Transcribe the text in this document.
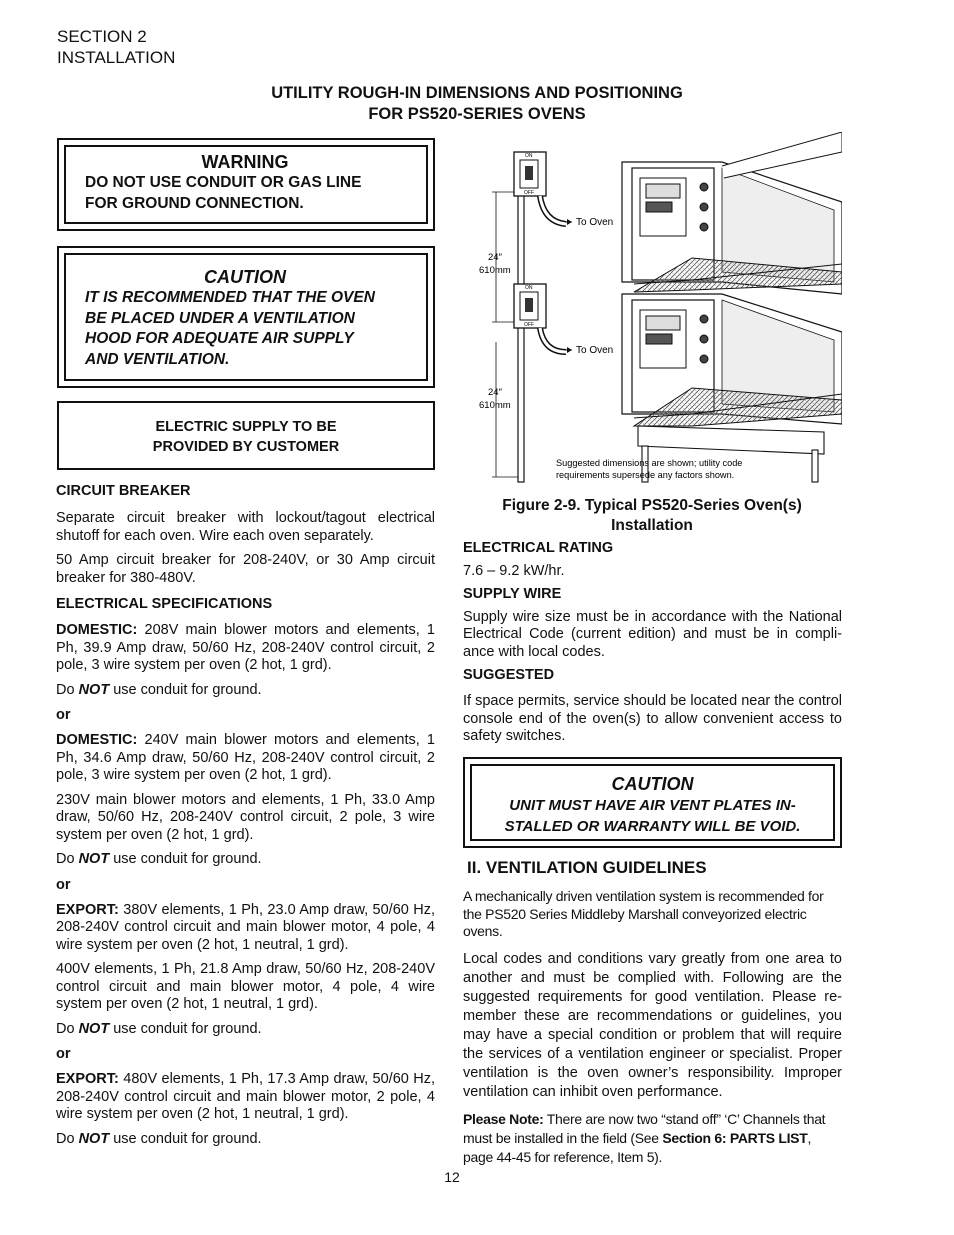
SECTION 2
INSTALLATION
UTILITY ROUGH-IN DIMENSIONS AND POSITIONING
FOR PS520-SERIES OVENS
WARNING
DO NOT USE CONDUIT OR GAS LINE
FOR GROUND CONNECTION.
CAUTION
IT IS RECOMMENDED THAT THE OVEN
BE PLACED UNDER A VENTILATION
HOOD FOR ADEQUATE AIR SUPPLY
AND VENTILATION.
ELECTRIC SUPPLY TO BE
PROVIDED BY CUSTOMER
CIRCUIT BREAKER

Separate circuit breaker with lockout/tagout electrical shutoff for each oven. Wire each oven separately.

50 Amp circuit breaker for 208-240V, or 30 Amp circuit breaker for 380-480V.

ELECTRICAL SPECIFICATIONS

DOMESTIC: 208V main blower motors and elements, 1 Ph, 39.9 Amp draw, 50/60 Hz, 208-240V control circuit, 2 pole, 3 wire system per oven (2 hot, 1 grd).

Do NOT use conduit for ground.

or

DOMESTIC: 240V main blower motors and elements, 1 Ph, 34.6 Amp draw, 50/60 Hz, 208-240V control circuit, 2 pole, 3 wire system per oven (2 hot, 1 grd).

230V main blower motors and elements, 1 Ph, 33.0 Amp draw, 50/60 Hz, 208-240V control circuit, 2 pole, 3 wire system per oven (2 hot, 1 grd).

Do NOT use conduit for ground.

or

EXPORT: 380V elements, 1 Ph, 23.0 Amp draw, 50/60 Hz, 208-240V control circuit and main blower motor, 4 pole, 4 wire system per oven (2 hot, 1 neutral, 1 grd).

400V elements, 1 Ph, 21.8 Amp draw, 50/60 Hz, 208-240V control circuit and main blower motor, 4 pole, 4 wire system per oven (2 hot, 1 neutral, 1 grd).

Do NOT use conduit for ground.

or

EXPORT: 480V elements, 1 Ph, 17.3 Amp draw, 50/60 Hz, 208-240V control circuit and main blower motor, 2 pole, 4 wire system per oven (2 hot, 1 neutral, 1 grd).

Do NOT use conduit for ground.

ON
OFF
To Oven
ON
OFF
To Oven
24″
610mm
24″
610mm
Suggested dimensions are shown; utility code
requirements supersede any factors shown.
Figure 2-9. Typical PS520-Series Oven(s)
Installation
ELECTRICAL RATING

7.6 – 9.2 kW/hr.

SUPPLY WIRE

Supply wire size must be in accordance with the National Electrical Code (current edition) and must be in compli-ance with local codes.

SUGGESTED

If space permits, service should be located near the control console end of the oven(s) to allow convenient access to safety switches.

CAUTION
UNIT MUST HAVE AIR VENT PLATES IN-
STALLED OR WARRANTY WILL BE VOID.
II. VENTILATION GUIDELINES

A mechanically driven ventilation system is recommended for the PS520 Series Middleby Marshall conveyorized electric ovens.

Local codes and conditions vary greatly from one area to another and must be complied with. Following are the suggested requirements for good ventilation. Please re-member these are recommendations or guidelines, you may have a special condition or problem that will require the services of a ventilation engineer or specialist. Proper ventilation is the oven owner’s responsibility. Improper ventilation can inhibit oven performance.

Please Note: There are now two “stand off” ‘C’ Channels that must be installed in the field (See Section 6: PARTS LIST, page 44-45 for reference, Item 5).

12
